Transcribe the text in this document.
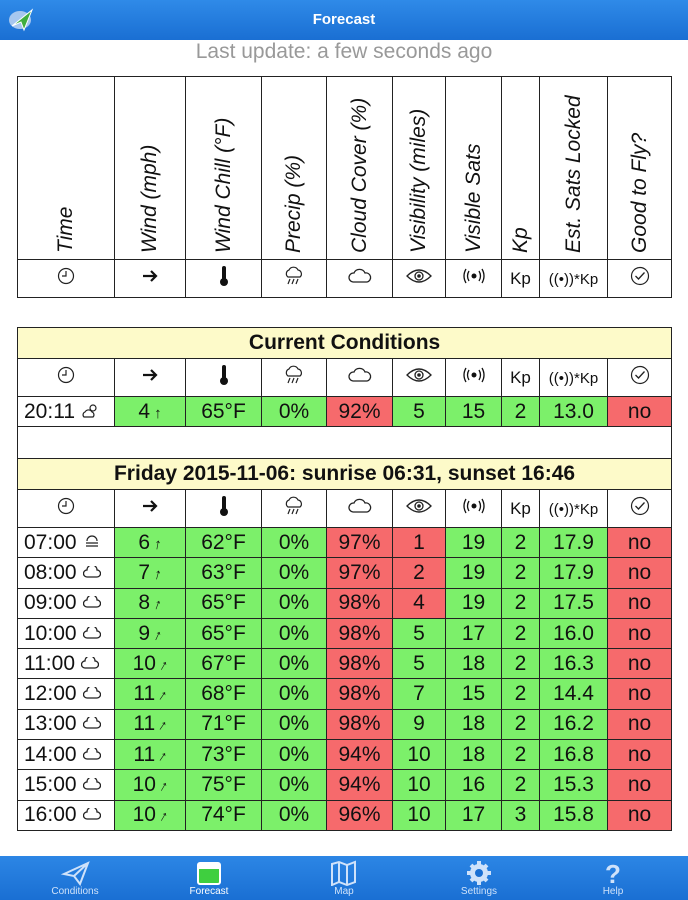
Forecast
Last update: a few seconds ago
Time	Wind (mph)	Wind Chill (°F)	Precip (%)	Cloud Cover (%)	Visibility (miles)	Visible Sats	Kp	Est. Sats Locked	Good to Fly?

							Kp	((•))*Kp	
Current Conditions									
							Kp	((•))*Kp	
20:11	4 ↑	65°F	0%	92%	5	15	2	13.0	no

Friday 2015-11-06: sunrise 06:31, sunset 16:46									
							Kp	((•))*Kp	
07:00	6 ↑	62°F	0%	97%	1	19	2	17.9	no
08:00	7 ↑	63°F	0%	97%	2	19	2	17.9	no
09:00	8↑	65°F	0%	98%	4	19	2	17.5	no
10:00	9↑	65°F	0%	98%	5	17	2	16.0	no
11:00	10↑	67°F	0%	98%	5	18	2	16.3	no
12:00	11↑	68°F	0%	98%	7	15	2	14.4	no
13:00	11↑	71°F	0%	98%	9	18	2	16.2	no
14:00	11↑	73°F	0%	94%	10	18	2	16.8	no
15:00	10↑	75°F	0%	94%	10	16	2	15.3	no
16:00	10↑	74°F	0%	96%	10	17	3	15.8	no
Conditions	Forecast	Map	Settings
?
Help
